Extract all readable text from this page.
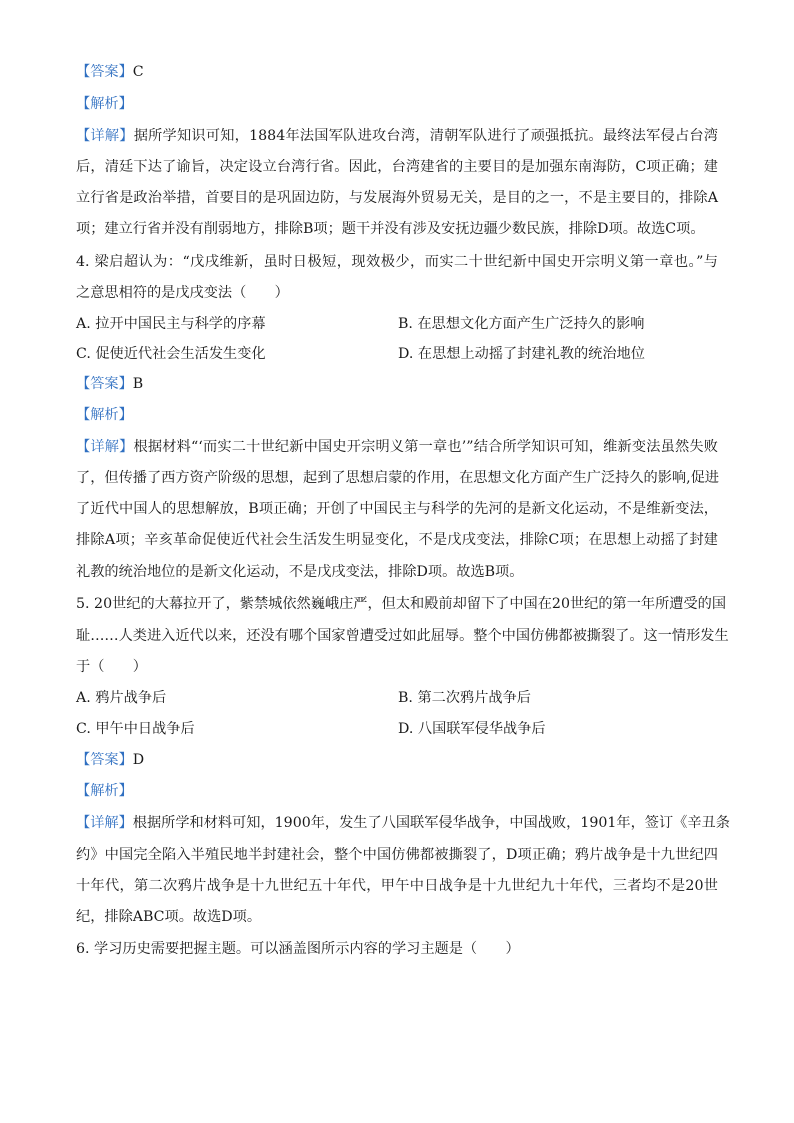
【答案】C
【解析】
【详解】据所学知识可知，1884年法国军队进攻台湾，清朝军队进行了顽强抵抗。最终法军侵占台湾
后，清廷下达了谕旨，决定设立台湾行省。因此，台湾建省的主要目的是加强东南海防，C项正确；建
立行省是政治举措，首要目的是巩固边防，与发展海外贸易无关，是目的之一，不是主要目的，排除A
项；建立行省并没有削弱地方，排除B项；题干并没有涉及安抚边疆少数民族，排除D项。故选C项。
4. 梁启超认为：“戊戌维新，虽时日极短，现效极少，而实二十世纪新中国史开宗明义第一章也。”与
之意思相符的是戊戌变法（　　）
A. 拉开中国民主与科学的序幕	B. 在思想文化方面产生广泛持久的影响
C. 促使近代社会生活发生变化	D. 在思想上动摇了封建礼教的统治地位
【答案】B
【解析】
【详解】根据材料“‘而实二十世纪新中国史开宗明义第一章也’”结合所学知识可知，维新变法虽然失败
了，但传播了西方资产阶级的思想，起到了思想启蒙的作用，在思想文化方面产生广泛持久的影响,促进
了近代中国人的思想解放，B项正确；开创了中国民主与科学的先河的是新文化运动，不是维新变法，
排除A项；辛亥革命促使近代社会生活发生明显变化，不是戊戌变法，排除C项；在思想上动摇了封建
礼教的统治地位的是新文化运动，不是戊戌变法，排除D项。故选B项。
5. 20世纪的大幕拉开了，紫禁城依然巍峨庄严，但太和殿前却留下了中国在20世纪的第一年所遭受的国
耻……人类进入近代以来，还没有哪个国家曾遭受过如此屈辱。整个中国仿佛都被撕裂了。这一情形发生
于（　　）
A. 鸦片战争后	B. 第二次鸦片战争后
C. 甲午中日战争后	D. 八国联军侵华战争后
【答案】D
【解析】
【详解】根据所学和材料可知，1900年，发生了八国联军侵华战争，中国战败，1901年，签订《辛丑条
约》中国完全陷入半殖民地半封建社会，整个中国仿佛都被撕裂了，D项正确；鸦片战争是十九世纪四
十年代，第二次鸦片战争是十九世纪五十年代，甲午中日战争是十九世纪九十年代，三者均不是20世
纪，排除ABC项。故选D项。
6. 学习历史需要把握主题。可以涵盖图所示内容的学习主题是（　　）
